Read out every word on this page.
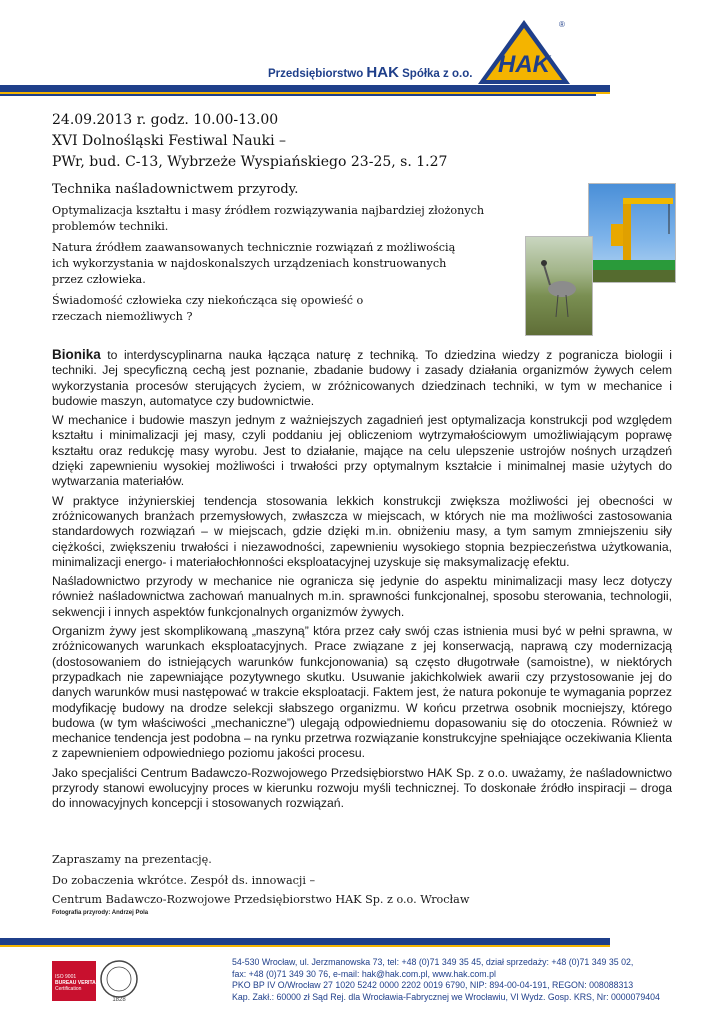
Przedsiębiorstwo HAK Spółka z o.o. HAK
®
24.09.2013 r. godz. 10.00-13.00
XVI Dolnośląski Festiwal Nauki –
PWr, bud. C-13, Wybrzeże Wyspiańskiego 23-25, s. 1.27
Technika naśladownictwem przyrody.

Optymalizacja kształtu i masy źródłem rozwiązywania najbardziej złożonych problemów techniki.

Natura źródłem zaawansowanych technicznie rozwiązań z możliwością ich wykorzystania w najdoskonalszych urządzeniach konstruowanych przez człowieka.

Świadomość człowieka czy niekończąca się opowieść o rzeczach niemożliwych ?

Bionika to interdyscyplinarna nauka łącząca naturę z techniką. To dziedzina wiedzy z pogranicza biologii i techniki. Jej specyficzną cechą jest poznanie, zbadanie budowy i zasady działania organizmów żywych celem wykorzystania procesów sterujących życiem, w zróżnicowanych dziedzinach techniki, w tym w mechanice i budowie maszyn, automatyce czy budownictwie.

W mechanice i budowie maszyn jednym z ważniejszych zagadnień jest optymalizacja konstrukcji pod względem kształtu i minimalizacji jej masy, czyli poddaniu jej obliczeniom wytrzymałościowym umożliwiającym poprawę kształtu oraz redukcję masy wyrobu. Jest to działanie, mające na celu ulepszenie ustrojów nośnych urządzeń dzięki zapewnieniu wysokiej możliwości i trwałości przy optymalnym kształcie i minimalnej masie użytych do wytwarzania materiałów.

W praktyce inżynierskiej tendencja stosowania lekkich konstrukcji zwiększa możliwości jej obecności w zróżnicowanych branżach przemysłowych, zwłaszcza w miejscach, w których nie ma możliwości zastosowania standardowych rozwiązań – w miejscach, gdzie dzięki m.in. obniżeniu masy, a tym samym zmniejszeniu siły ciężkości, zwiększeniu trwałości i niezawodności, zapewnieniu wysokiego stopnia bezpieczeństwa użytkowania, minimalizacji energo- i materiałochłonności eksploatacyjnej uzyskuje się maksymalizację efektu.

Naśladownictwo przyrody w mechanice nie ogranicza się jedynie do aspektu minimalizacji masy lecz dotyczy również naśladownictwa zachowań manualnych m.in. sprawności funkcjonalnej, sposobu sterowania, technologii, sekwencji i innych aspektów funkcjonalnych organizmów żywych.

Organizm żywy jest skomplikowaną „maszyną” która przez cały swój czas istnienia musi być w pełni sprawna, w zróżnicowanych warunkach eksploatacyjnych. Prace związane z jej konserwacją, naprawą czy modernizacją (dostosowaniem do istniejących warunków funkcjonowania) są często długotrwałe (samoistne), w niektórych przypadkach nie zapewniające pozytywnego skutku. Usuwanie jakichkolwiek awarii czy przystosowanie jej do danych warunków musi następować w trakcie eksploatacji. Faktem jest, że natura pokonuje te wymagania poprzez modyfikację budowy na drodze selekcji słabszego organizmu. W końcu przetrwa osobnik mocniejszy, którego budowa (w tym właściwości „mechaniczne”) ulegają odpowiedniemu dopasowaniu się do otoczenia. Również w mechanice tendencja jest podobna – na rynku przetrwa rozwiązanie konstrukcyjne spełniające oczekiwania Klienta z zapewnieniem odpowiedniego poziomu jakości procesu.

Jako specjaliści Centrum Badawczo-Rozwojowego Przedsiębiorstwo HAK Sp. z o.o. uważamy, że naśladownictwo przyrody stanowi ewolucyjny proces w kierunku rozwoju myśli technicznej. To doskonałe źródło inspiracji – droga do innowacyjnych koncepcji i stosowanych rozwiązań.

Zapraszamy na prezentację.
Do zobaczenia wkrótce. Zespół ds. innowacji –
Centrum Badawczo-Rozwojowe Przedsiębiorstwo HAK Sp. z o.o. Wrocław
Fotografia przyrody: Andrzej Pola
ISO 9001
BUREAU VERITAS
Certification
1828
54-530 Wrocław, ul. Jerzmanowska 73, tel: +48 (0)71 349 35 45, dział sprzedaży: +48 (0)71 349 35 02,
fax: +48 (0)71 349 30 76, e-mail: hak@hak.com.pl, www.hak.com.pl
PKO BP IV O/Wrocław 27 1020 5242 0000 2202 0019 6790, NIP: 894-00-04-191, REGON: 008088313
Kap. Zakł.: 60000 zł Sąd Rej. dla Wrocławia-Fabrycznej we Wrocławiu, VI Wydz. Gosp. KRS, Nr: 0000079404
